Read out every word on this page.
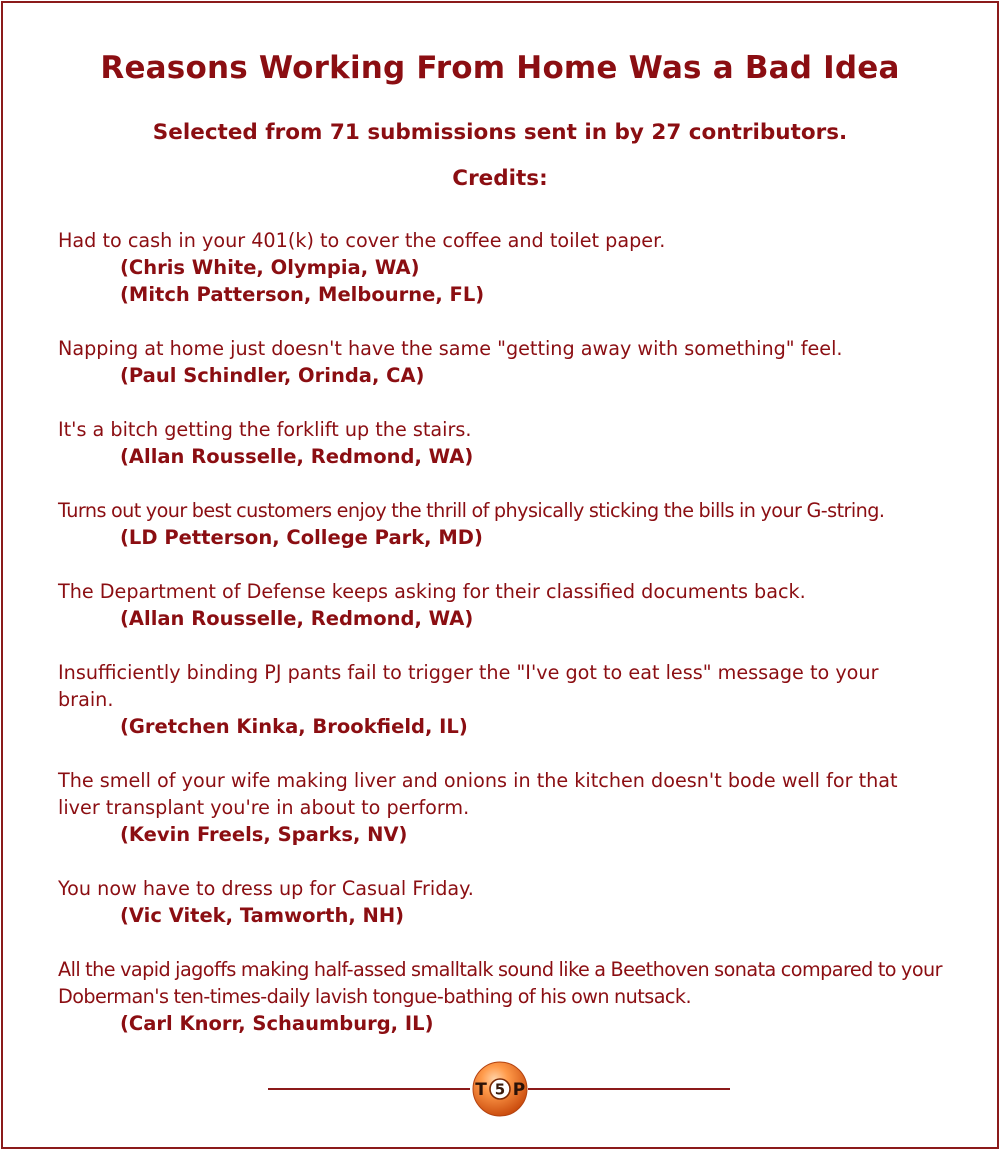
Reasons Working From Home Was a Bad Idea
Selected from 71 submissions sent in by 27 contributors.
Credits:

Had to cash in your 401(k) to cover the coffee and toilet paper.

(Chris White, Olympia, WA)

(Mitch Patterson, Melbourne, FL)

Napping at home just doesn't have the same "getting away with something" feel.

(Paul Schindler, Orinda, CA)

It's a bitch getting the forklift up the stairs.

(Allan Rousselle, Redmond, WA)

Turns out your best customers enjoy the thrill of physically sticking the bills in your G-string.

(LD Petterson, College Park, MD)

The Department of Defense keeps asking for their classified documents back.

(Allan Rousselle, Redmond, WA)

Insufficiently binding PJ pants fail to trigger the "I've got to eat less" message to your brain.

(Gretchen Kinka, Brookfield, IL)

The smell of your wife making liver and onions in the kitchen doesn't bode well for that liver transplant you're in about to perform.

(Kevin Freels, Sparks, NV)

You now have to dress up for Casual Friday.

(Vic Vitek, Tamworth, NH)

All the vapid jagoffs making half-assed smalltalk sound like a Beethoven sonata compared to your Doberman's ten-times-daily lavish tongue-bathing of his own nutsack.

(Carl Knorr, Schaumburg, IL)

5
T P
